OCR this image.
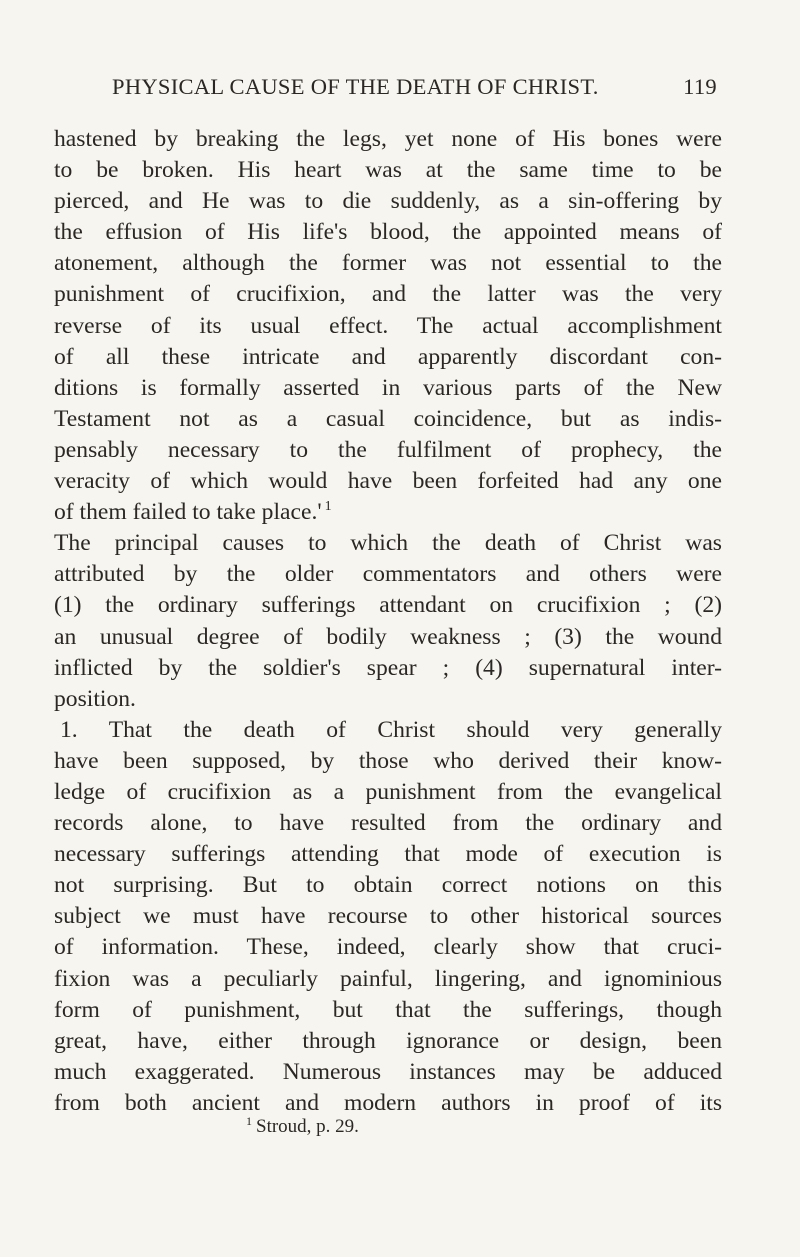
PHYSICAL CAUSE OF THE DEATH OF CHRIST.	119
hastened by breaking the legs, yet none of His bones were
to be broken. His heart was at the same time to be
pierced, and He was to die suddenly, as a sin-offering by
the effusion of His life's blood, the appointed means of
atonement, although the former was not essential to the
punishment of crucifixion, and the latter was the very
reverse of its usual effect. The actual accomplishment
of all these intricate and apparently discordant con-
ditions is formally asserted in various parts of the New
Testament not as a casual coincidence, but as indis-
pensably necessary to the fulfilment of prophecy, the
veracity of which would have been forfeited had any one
of them failed to take place.' $^1$
The principal causes to which the death of Christ was
attributed by the older commentators and others were
(1) the ordinary sufferings attendant on crucifixion ; (2)
an unusual degree of bodily weakness ; (3) the wound
inflicted by the soldier's spear ; (4) supernatural inter-
position.
1. That the death of Christ should very generally
have been supposed, by those who derived their know-
ledge of crucifixion as a punishment from the evangelical
records alone, to have resulted from the ordinary and
necessary sufferings attending that mode of execution is
not surprising. But to obtain correct notions on this
subject we must have recourse to other historical sources
of information. These, indeed, clearly show that cruci-
fixion was a peculiarly painful, lingering, and ignominious
form of punishment, but that the sufferings, though
great, have, either through ignorance or design, been
much exaggerated. Numerous instances may be adduced
from both ancient and modern authors in proof of its
$^1$ Stroud, p. 29.
